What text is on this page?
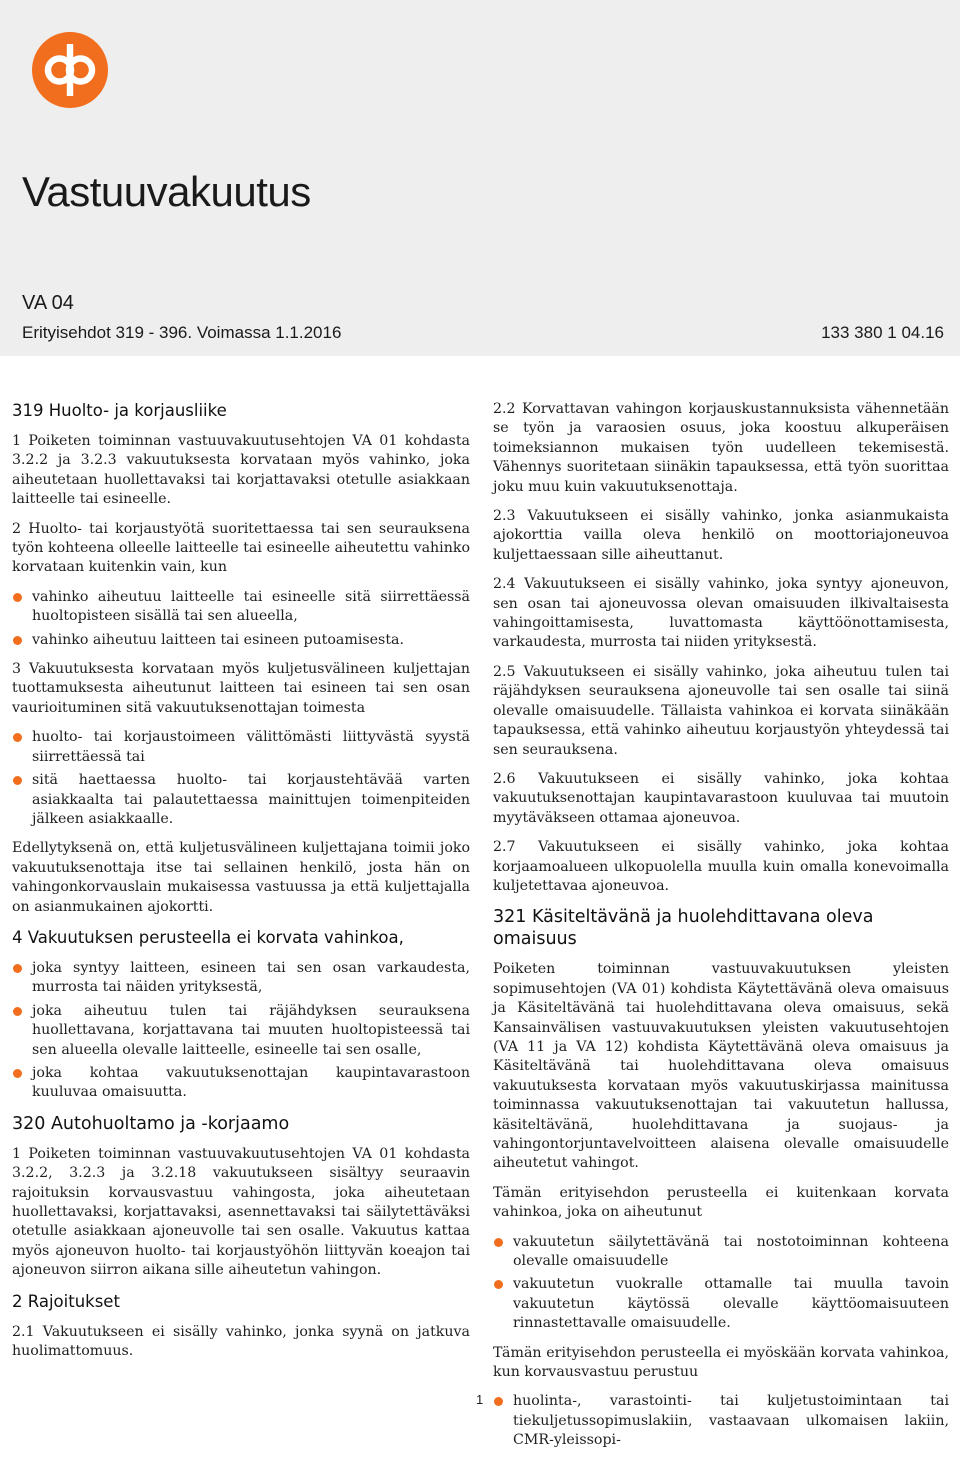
Vastuuvakuutus
VA 04
Erityisehdot 319 - 396. Voimassa 1.1.2016	133 380 1 04.16
319 Huolto- ja korjausliike

1 Poiketen toiminnan vastuuvakuutusehtojen VA 01 kohdasta 3.2.2 ja 3.2.3 vakuutuksesta korvataan myös vahinko, joka aiheutetaan huollettavaksi tai korjattavaksi otetulle asiakkaan laitteelle tai esineelle.

2 Huolto- tai korjaustyötä suoritettaessa tai sen seurauksena työn kohteena olleelle laitteelle tai esineelle aiheutettu vahinko korvataan kuitenkin vain, kun

vahinko aiheutuu laitteelle tai esineelle sitä siirrettäessä huoltopisteen sisällä tai sen alueella,
vahinko aiheutuu laitteen tai esineen putoamisesta.

3 Vakuutuksesta korvataan myös kuljetusvälineen kuljettajan tuottamuksesta aiheutunut laitteen tai esineen tai sen osan vaurioituminen sitä vakuutuksenottajan toimesta

huolto- tai korjaustoimeen välittömästi liittyvästä syystä siirrettäessä tai
sitä haettaessa huolto- tai korjaustehtävää varten asiakkaalta tai palautettaessa mainittujen toimenpiteiden jälkeen asiakkaalle.

Edellytyksenä on, että kuljetusvälineen kuljettajana toimii joko vakuutuksenottaja itse tai sellainen henkilö, josta hän on vahingonkorvauslain mukaisessa vastuussa ja että kuljettajalla on asianmukainen ajokortti.

4 Vakuutuksen perusteella ei korvata vahinkoa,
joka syntyy laitteen, esineen tai sen osan varkaudesta, murrosta tai näiden yrityksestä,
joka aiheutuu tulen tai räjähdyksen seurauksena huollettavana, korjattavana tai muuten huoltopisteessä tai sen alueella olevalle laitteelle, esineelle tai sen osalle,
joka kohtaa vakuutuksenottajan kaupintavarastoon kuuluvaa omaisuutta.
320 Autohuoltamo ja -korjaamo

1 Poiketen toiminnan vastuuvakuutusehtojen VA 01 kohdasta 3.2.2, 3.2.3 ja 3.2.18 vakuutukseen sisältyy seuraavin rajoituksin korvausvastuu vahingosta, joka aiheutetaan huollettavaksi, korjattavaksi, asennettavaksi tai säilytettäväksi otetulle asiakkaan ajoneuvolle tai sen osalle. Vakuutus kattaa myös ajoneuvon huolto- tai korjaustyöhön liittyvän koeajon tai ajoneuvon siirron aikana sille aiheutetun vahingon.

2 Rajoitukset

2.1 Vakuutukseen ei sisälly vahinko, jonka syynä on jatkuva huolimattomuus.

2.2 Korvattavan vahingon korjauskustannuksista vähennetään se työn ja varaosien osuus, joka koostuu alkuperäisen toimeksiannon mukaisen työn uudelleen tekemisestä. Vähennys suoritetaan siinäkin tapauksessa, että työn suorittaa joku muu kuin vakuutuksenottaja.

2.3 Vakuutukseen ei sisälly vahinko, jonka asianmukaista ajokorttia vailla oleva henkilö on moottoriajoneuvoa kuljettaessaan sille aiheuttanut.

2.4 Vakuutukseen ei sisälly vahinko, joka syntyy ajoneuvon, sen osan tai ajoneuvossa olevan omaisuuden ilkivaltaisesta vahingoittamisesta, luvattomasta käyttöönottamisesta, varkaudesta, murrosta tai niiden yrityksestä.

2.5 Vakuutukseen ei sisälly vahinko, joka aiheutuu tulen tai räjähdyksen seurauksena ajoneuvolle tai sen osalle tai siinä olevalle omaisuudelle. Tällaista vahinkoa ei korvata siinäkään tapauksessa, että vahinko aiheutuu korjaustyön yhteydessä tai sen seurauksena.

2.6 Vakuutukseen ei sisälly vahinko, joka kohtaa vakuutuksenottajan kaupintavarastoon kuuluvaa tai muutoin myytäväkseen ottamaa ajoneuvoa.

2.7 Vakuutukseen ei sisälly vahinko, joka kohtaa korjaamoalueen ulkopuolella muulla kuin omalla konevoimalla kuljetettavaa ajoneuvoa.

321 Käsiteltävänä ja huolehdittavana oleva omaisuus

Poiketen toiminnan vastuuvakuutuksen yleisten sopimusehtojen (VA 01) kohdista Käytettävänä oleva omaisuus ja Käsiteltävänä tai huolehdittavana oleva omaisuus, sekä Kansainvälisen vastuuvakuutuksen yleisten vakuutusehtojen (VA 11 ja VA 12) kohdista Käytettävänä oleva omaisuus ja Käsiteltävänä tai huolehdittavana oleva omaisuus vakuutuksesta korvataan myös vakuutuskirjassa mainitussa toiminnassa vakuutuksenottajan tai vakuutetun hallussa, käsiteltävänä, huolehdittavana ja suojaus- ja vahingontorjuntavelvoitteen alaisena olevalle omaisuudelle aiheutetut vahingot.

Tämän erityisehdon perusteella ei kuitenkaan korvata vahinkoa, joka on aiheutunut

vakuutetun säilytettävänä tai nostotoiminnan kohteena olevalle omaisuudelle
vakuutetun vuokralle ottamalle tai muulla tavoin vakuutetun käytössä olevalle käyttöomaisuuteen rinnastettavalle omaisuudelle.

Tämän erityisehdon perusteella ei myöskään korvata vahinkoa, kun korvausvastuu perustuu

huolinta-, varastointi- tai kuljetustoimintaan tai tiekuljetussopimuslakiin, vastaavaan ulkomaisen lakiin, CMR-yleissopi-
1
